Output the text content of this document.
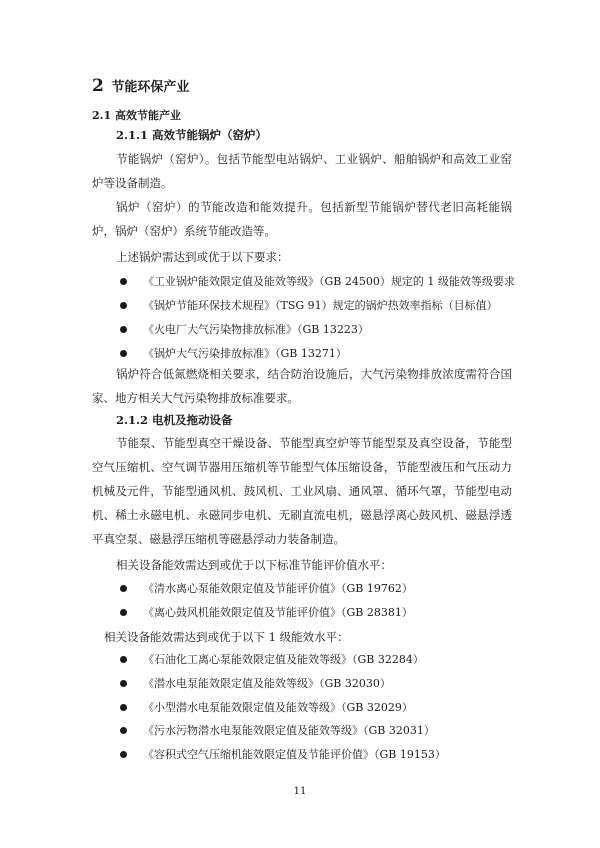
2 节能环保产业
2.1 高效节能产业
2.1.1 高效节能锅炉（窑炉）

节能锅炉（窑炉）。包括节能型电站锅炉、工业锅炉、船舶锅炉和高效工业窑炉等设备制造。

锅炉（窑炉）的节能改造和能效提升。包括新型节能锅炉替代老旧高耗能锅炉，锅炉（窑炉）系统节能改造等。

上述锅炉需达到或优于以下要求：
《工业锅炉能效限定值及能效等级》（GB 24500）规定的 1 级能效等级要求
《锅炉节能环保技术规程》（TSG 91）规定的锅炉热效率指标（目标值）
《火电厂大气污染物排放标准》（GB 13223）
《锅炉大气污染排放标准》（GB 13271）

锅炉符合低氮燃烧相关要求，结合防治设施后，大气污染物排放浓度需符合国家、地方相关大气污染物排放标准要求。

2.1.2 电机及拖动设备

节能泵、节能型真空干燥设备、节能型真空炉等节能型泵及真空设备，节能型空气压缩机、空气调节器用压缩机等节能型气体压缩设备，节能型液压和气压动力机械及元件，节能型通风机、鼓风机、工业风扇、通风罩、循环气罩，节能型电动机、稀土永磁电机、永磁同步电机、无刷直流电机，磁悬浮离心鼓风机、磁悬浮透平真空泵、磁悬浮压缩机等磁悬浮动力装备制造。

相关设备能效需达到或优于以下标准节能评价值水平：
《清水离心泵能效限定值及节能评价值》（GB 19762）
《离心鼓风机能效限定值及节能评价值》（GB 28381）
相关设备能效需达到或优于以下 1 级能效水平：
《石油化工离心泵能效限定值及能效等级》（GB 32284）
《潜水电泵能效限定值及能效等级》（GB 32030）
《小型潜水电泵能效限定值及能效等级》（GB 32029）
《污水污物潜水电泵能效限定值及能效等级》（GB 32031）
《容积式空气压缩机能效限定值及节能评价值》（GB 19153）
11
